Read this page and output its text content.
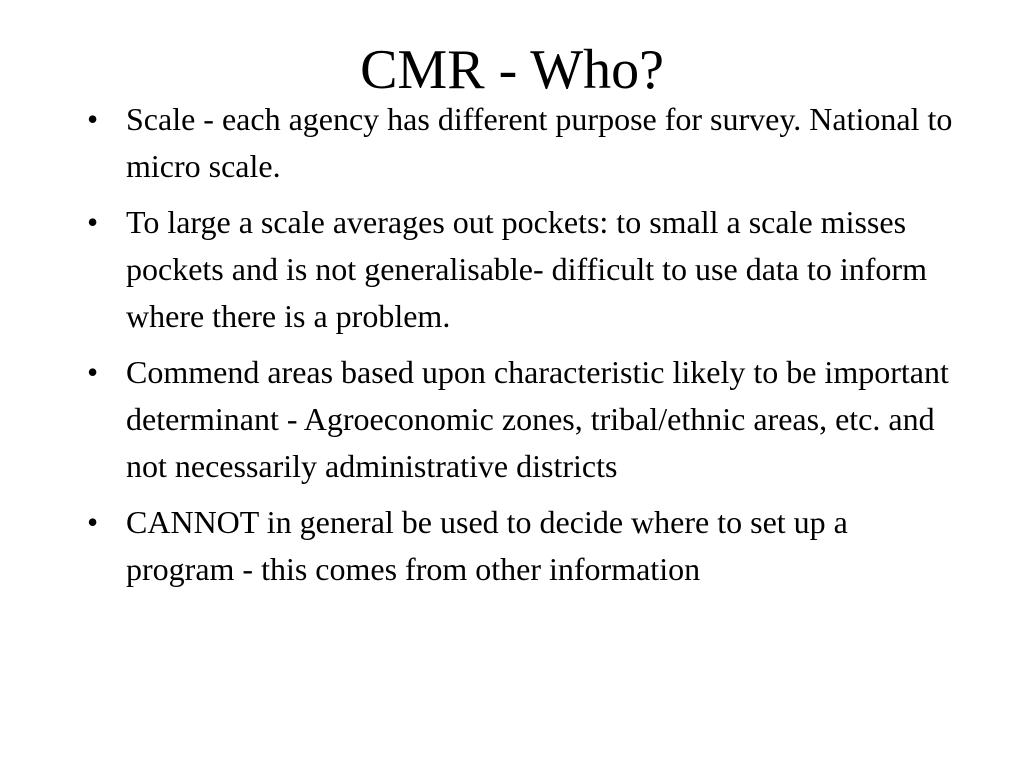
CMR - Who?
• Scale - each agency has different purpose for survey. National to micro scale.
• To large a scale averages out pockets: to small a scale misses pockets and is not generalisable- difficult to use data to inform where there is a problem.
• Commend areas based upon characteristic likely to be important determinant - Agroeconomic zones, tribal/ethnic areas, etc. and not necessarily administrative districts
• CANNOT in general be used to decide where to set up a program - this comes from other information
